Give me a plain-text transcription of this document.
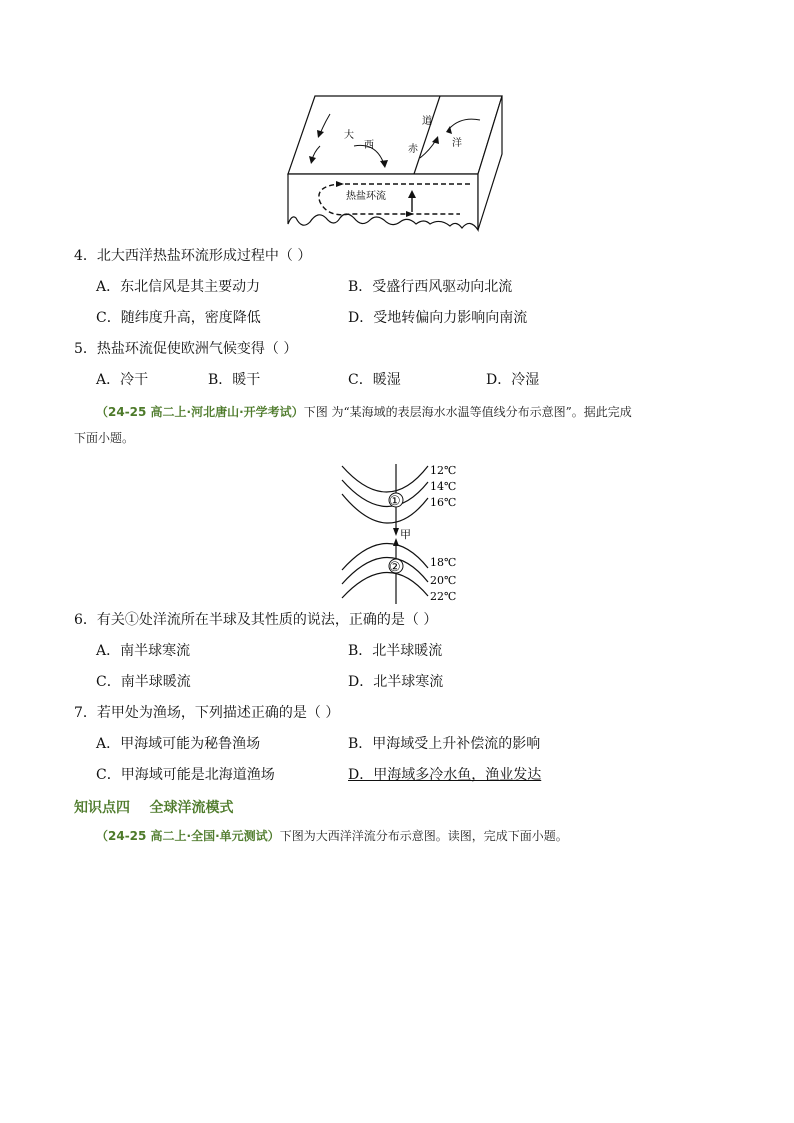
大
西	洋
赤
道
热盐环流
4．北大西洋热盐环流形成过程中（ ）
A．东北信风是其主要动力	B．受盛行西风驱动向北流
C．随纬度升高，密度降低	D．受地转偏向力影响向南流
5．热盐环流促使欧洲气候变得（ ）
A．冷干	B．暖干	C．暖湿	D．冷湿
（24-25 高二上·河北唐山·开学考试）下图 为“某海域的表层海水水温等值线分布示意图”。据此完成
下面小题。
①
②
甲
12℃
14℃
16℃
18℃
20℃
22℃
6．有关①处洋流所在半球及其性质的说法，正确的是（ ）
A．南半球寒流	B．北半球暖流
C．南半球暖流	D．北半球寒流
7．若甲处为渔场，下列描述正确的是（ ）
A．甲海域可能为秘鲁渔场	B．甲海域受上升补偿流的影响
C．甲海域可能是北海道渔场	D．甲海域多冷水鱼，渔业发达
知识点四    全球洋流模式
（24-25 高二上·全国·单元测试）下图为大西洋洋流分布示意图。读图，完成下面小题。
